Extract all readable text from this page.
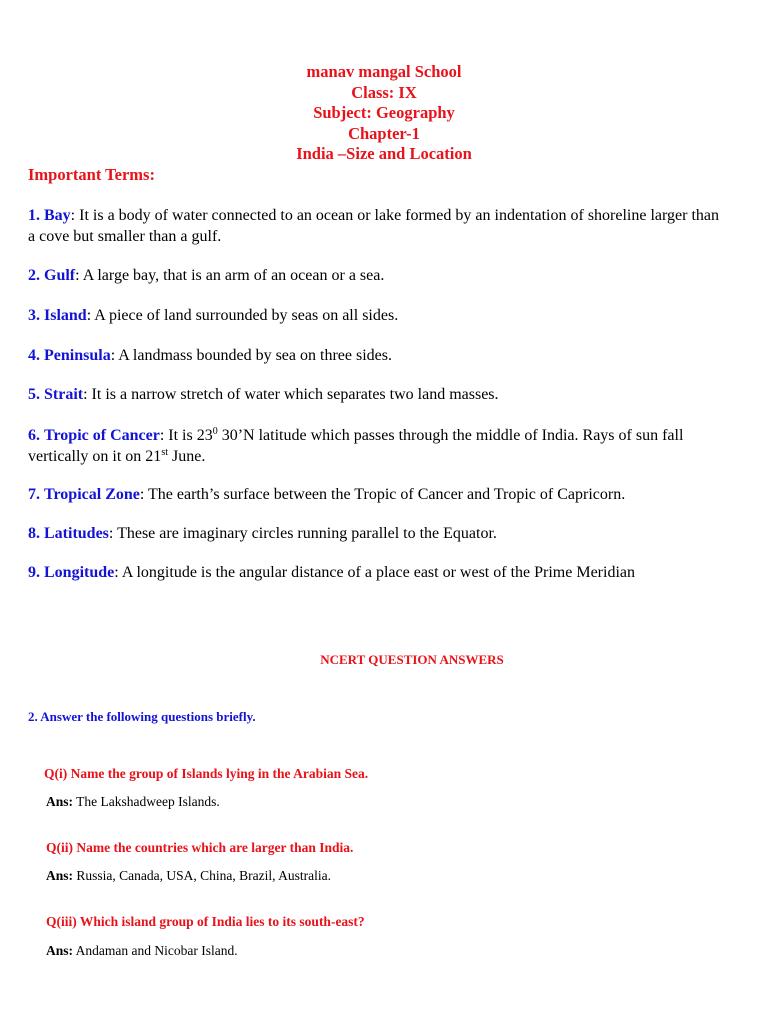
manav mangal School
Class: IX
Subject: Geography
Chapter-1
India –Size and Location
Important Terms:
1. Bay: It is a body of water connected to an ocean or lake formed by an indentation of shoreline larger than a cove but smaller than a gulf.
2. Gulf: A large bay, that is an arm of an ocean or a sea.
3. Island: A piece of land surrounded by seas on all sides.
4. Peninsula: A landmass bounded by sea on three sides.
5. Strait: It is a narrow stretch of water which separates two land masses.
6. Tropic of Cancer: It is $23^0$ 30’N latitude which passes through the middle of India. Rays of sun fall vertically on it on 21st June.
7. Tropical Zone: The earth’s surface between the Tropic of Cancer and Tropic of Capricorn.
8. Latitudes: These are imaginary circles running parallel to the Equator.
9. Longitude: A longitude is the angular distance of a place east or west of the Prime Meridian
NCERT QUESTION ANSWERS
2. Answer the following questions briefly.
Q(i) Name the group of Islands lying in the Arabian Sea.
Ans: The Lakshadweep Islands.
Q(ii) Name the countries which are larger than India.
Ans: Russia, Canada, USA, China, Brazil, Australia.
Q(iii) Which island group of India lies to its south-east?
Ans: Andaman and Nicobar Island.
